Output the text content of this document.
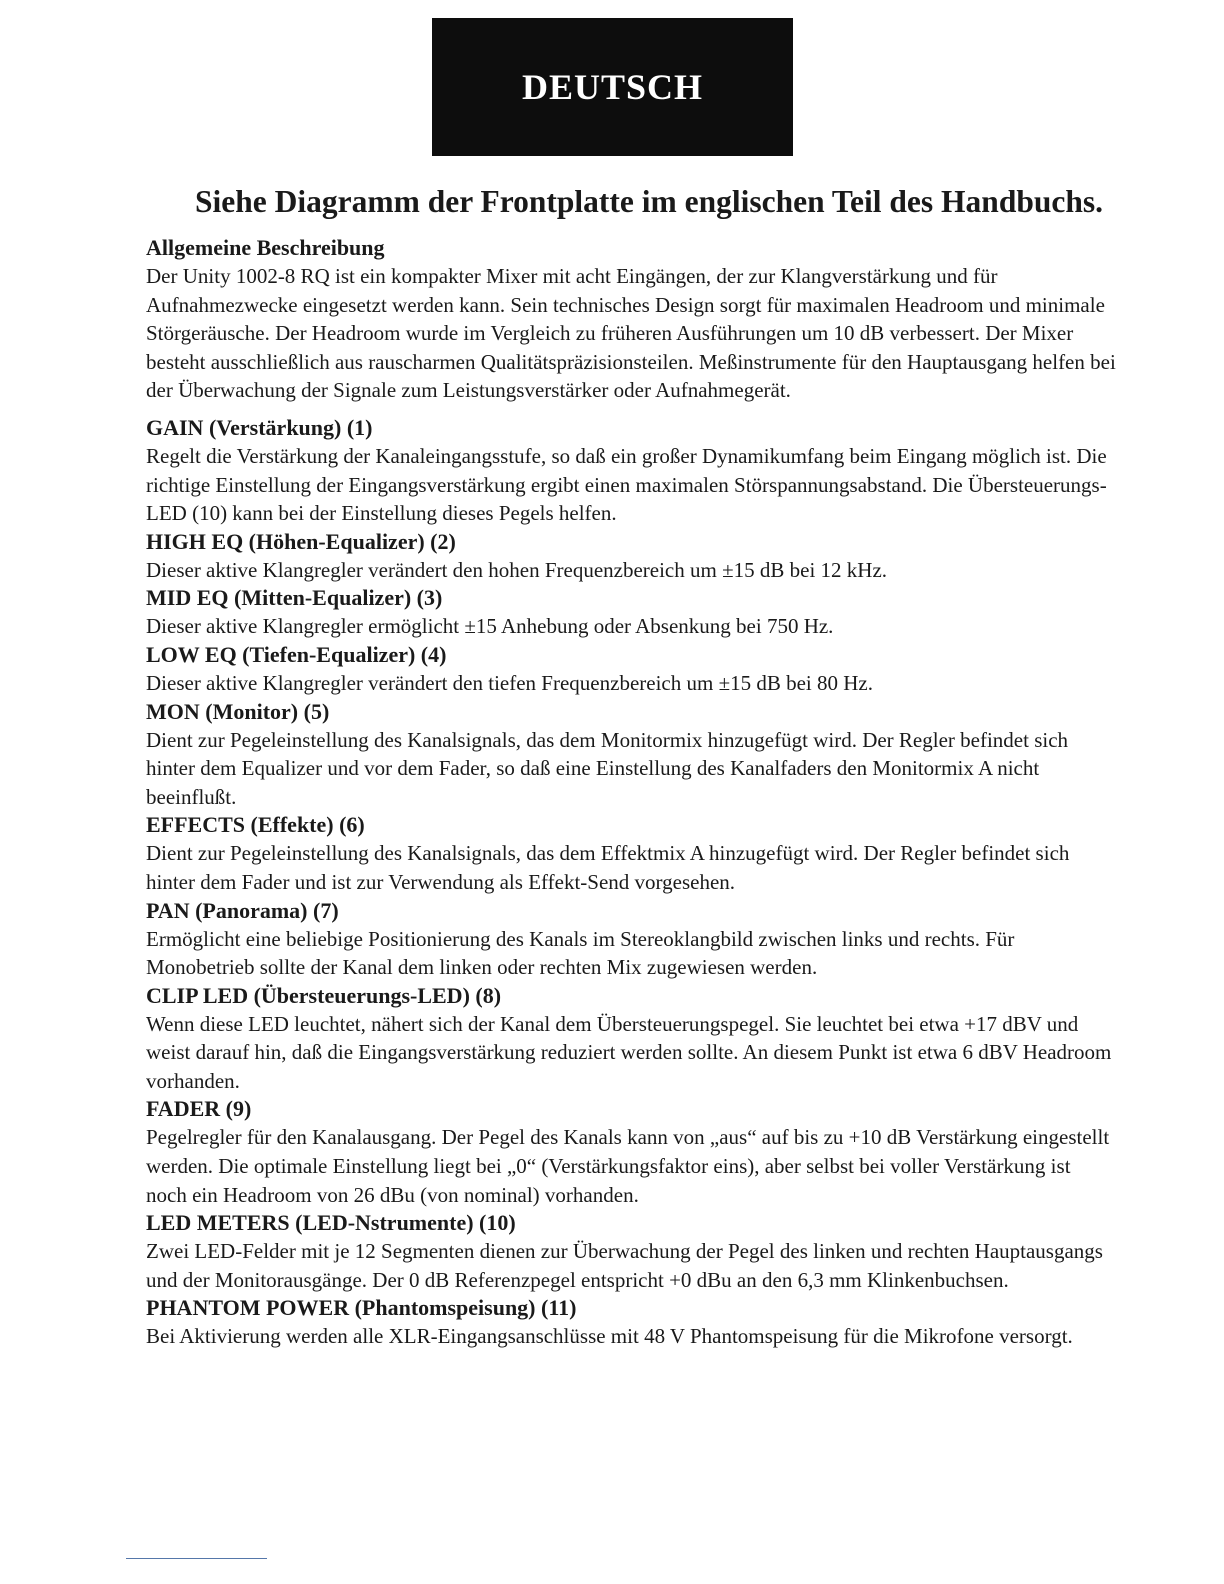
DEUTSCH
Siehe Diagramm der Frontplatte im englischen Teil des Handbuchs.

Allgemeine Beschreibung

Der Unity 1002-8 RQ ist ein kompakter Mixer mit acht Eingängen, der zur Klangverstärkung und für Aufnahmezwecke eingesetzt werden kann. Sein technisches Design sorgt für maximalen Headroom und minimale Störgeräusche. Der Headroom wurde im Vergleich zu früheren Ausführungen um 10 dB verbessert. Der Mixer besteht ausschließlich aus rauscharmen Qualitätspräzisionsteilen. Meßinstrumente für den Hauptausgang helfen bei der Überwachung der Signale zum Leistungsverstärker oder Aufnahmegerät.

GAIN (Verstärkung) (1)

Regelt die Verstärkung der Kanaleingangsstufe, so daß ein großer Dynamikumfang beim Eingang möglich ist. Die richtige Einstellung der Eingangsverstärkung ergibt einen maximalen Störspannungsabstand. Die Übersteuerungs-LED (10) kann bei der Einstellung dieses Pegels helfen.

HIGH EQ (Höhen-Equalizer) (2)

Dieser aktive Klangregler verändert den hohen Frequenzbereich um ±15 dB bei 12 kHz.

MID EQ (Mitten-Equalizer) (3)

Dieser aktive Klangregler ermöglicht ±15 Anhebung oder Absenkung bei 750 Hz.

LOW EQ (Tiefen-Equalizer) (4)

Dieser aktive Klangregler verändert den tiefen Frequenzbereich um ±15 dB bei 80 Hz.

MON (Monitor) (5)

Dient zur Pegeleinstellung des Kanalsignals, das dem Monitormix hinzugefügt wird. Der Regler befindet sich hinter dem Equalizer und vor dem Fader, so daß eine Einstellung des Kanalfaders den Monitormix A nicht beeinflußt.

EFFECTS (Effekte) (6)

Dient zur Pegeleinstellung des Kanalsignals, das dem Effektmix A hinzugefügt wird. Der Regler befindet sich hinter dem Fader und ist zur Verwendung als Effekt-Send vorgesehen.

PAN (Panorama) (7)

Ermöglicht eine beliebige Positionierung des Kanals im Stereoklangbild zwischen links und rechts. Für Monobetrieb sollte der Kanal dem linken oder rechten Mix zugewiesen werden.

CLIP LED (Übersteuerungs-LED) (8)

Wenn diese LED leuchtet, nähert sich der Kanal dem Übersteuerungspegel. Sie leuchtet bei etwa +17 dBV und weist darauf hin, daß die Eingangsverstärkung reduziert werden sollte. An diesem Punkt ist etwa 6 dBV Headroom vorhanden.

FADER (9)

Pegelregler für den Kanalausgang. Der Pegel des Kanals kann von „aus“ auf bis zu +10 dB Verstärkung eingestellt werden. Die optimale Einstellung liegt bei „0“ (Verstärkungsfaktor eins), aber selbst bei voller Verstärkung ist noch ein Headroom von 26 dBu (von nominal) vorhanden.

LED METERS (LED-Nstrumente) (10)

Zwei LED-Felder mit je 12 Segmenten dienen zur Überwachung der Pegel des linken und rechten Hauptausgangs und der Monitorausgänge. Der 0 dB Referenzpegel entspricht +0 dBu an den 6,3 mm Klinkenbuchsen.

PHANTOM POWER (Phantomspeisung) (11)

Bei Aktivierung werden alle XLR-Eingangsanschlüsse mit 48 V Phantomspeisung für die Mikrofone versorgt.
